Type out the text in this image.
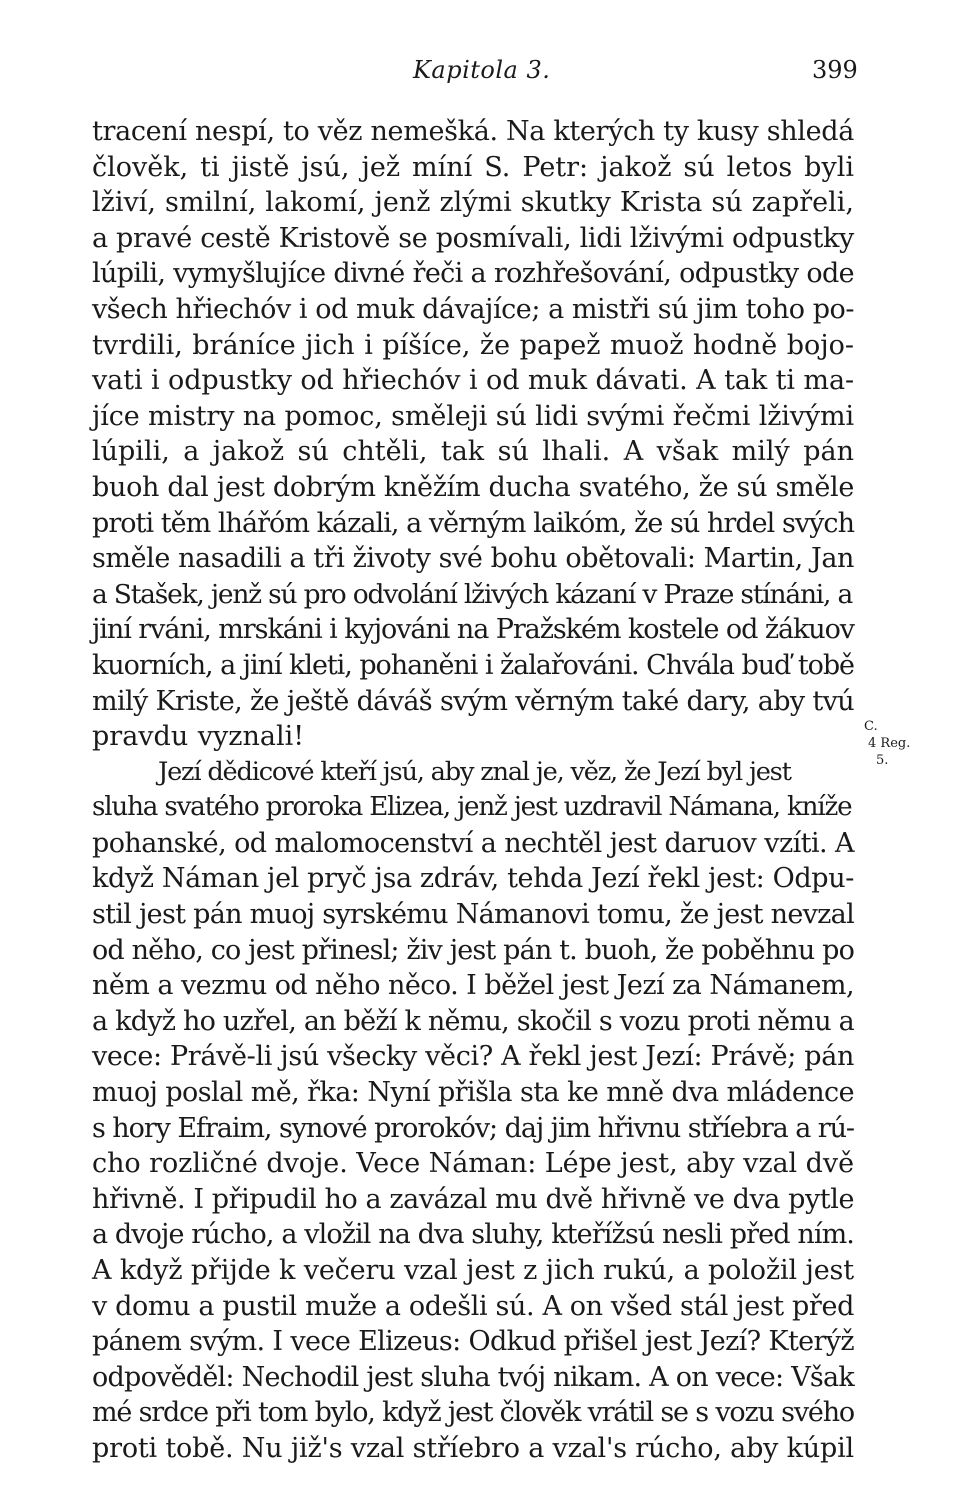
Kapitola 3.	399
tracení nespí, to věz nemešká. Na kterých ty kusy shledá
člověk, ti jistě jsú, jež míní S. Petr: jakož sú letos byli
lživí, smilní, lakomí, jenž zlými skutky Krista sú zapřeli,
a pravé cestě Kristově se posmívali, lidi lživými odpustky
lúpili, vymyšlujíce divné řeči a rozhřešování, odpustky ode
všech hřiechóv i od muk dávajíce; a mistři sú jim toho po-
tvrdili, bráníce jich i píšíce, že papež muož hodně bojo-
vati i odpustky od hřiechóv i od muk dávati. A tak ti ma-
jíce mistry na pomoc, směleji sú lidi svými řečmi lživými
lúpili, a jakož sú chtěli, tak sú lhali. A však milý pán
buoh dal jest dobrým kněžím ducha svatého, že sú směle
proti těm lhářóm kázali, a věrným laikóm, že sú hrdel svých
směle nasadili a tři životy své bohu obětovali: Martin, Jan
a Stašek, jenž sú pro odvolání lživých kázaní v Praze stínáni, a
jiní rváni, mrskáni i kyjováni na Pražském kostele od žákuov
kuorních, a jiní kleti, pohaněni i žalařováni. Chvála buď tobě
milý Kriste, že ještě dáváš svým věrným také dary, aby tvú
pravdu vyznali!
Jezí dědicové kteří jsú, aby znal je, věz, že Jezí byl jest
sluha svatého proroka Elizea, jenž jest uzdravil Námana, kníže
pohanské, od malomocenství a nechtěl jest daruov vzíti. A
když Náman jel pryč jsa zdráv, tehda Jezí řekl jest: Odpu-
stil jest pán muoj syrskému Námanovi tomu, že jest nevzal
od něho, co jest přinesl; živ jest pán t. buoh, že poběhnu po
něm a vezmu od něho něco. I běžel jest Jezí za Námanem,
a když ho uzřel, an běží k němu, skočil s vozu proti němu a
vece: Právě-li jsú všecky věci? A řekl jest Jezí: Právě; pán
muoj poslal mě, řka: Nyní přišla sta ke mně dva mládence
s hory Efraim, synové prorokóv; daj jim hřivnu stříebra a rú-
cho rozličné dvoje. Vece Náman: Lépe jest, aby vzal dvě
hřivně. I připudil ho a zavázal mu dvě hřivně ve dva pytle
a dvoje rúcho, a vložil na dva sluhy, kteřížsú nesli před ním.
A když přijde k večeru vzal jest z jich rukú, a položil jest
v domu a pustil muže a odešli sú. A on všed stál jest před
pánem svým. I vece Elizeus: Odkud přišel jest Jezí? Kterýž
odpověděl: Nechodil jest sluha tvój nikam. A on vece: Však
mé srdce při tom bylo, když jest člověk vrátil se s vozu svého
proti tobě. Nu již's vzal stříebro a vzal's rúcho, aby kúpil
C.
4 Reg.
5.
